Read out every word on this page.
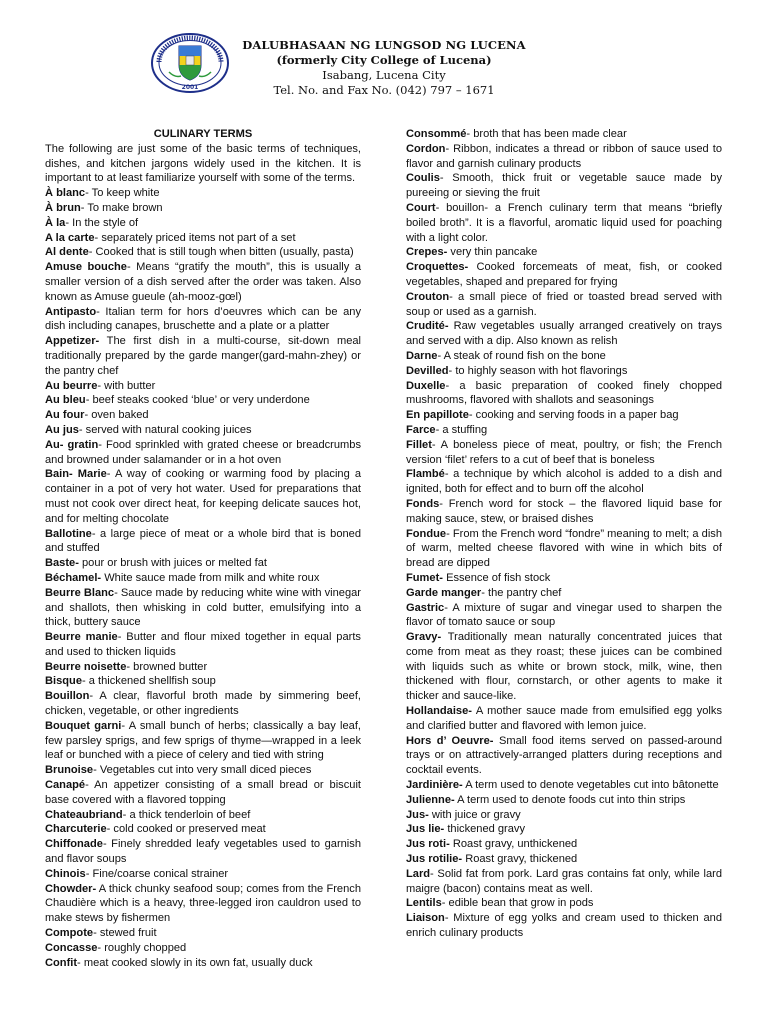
2001
DALUBHASAAN NG LUNGSOD NG LUCENA
(formerly City College of Lucena)
Isabang, Lucena City
Tel. No. and Fax No. (042) 797 – 1671
CULINARY TERMS

The following are just some of the basic terms of techniques, dishes, and kitchen jargons widely used in the kitchen. It is important to at least familiarize yourself with some of the terms.

À blanc- To keep white

À brun- To make brown

À la- In the style of

A la carte- separately priced items not part of a set

Al dente- Cooked that is still tough when bitten (usually, pasta)

Amuse bouche- Means “gratify the mouth”, this is usually a smaller version of a dish served after the order was taken. Also known as Amuse gueule (ah-mooz-gœl)

Antipasto- Italian term for hors d’oeuvres which can be any dish including canapes, bruschette and a plate or a platter

Appetizer- The first dish in a multi-course, sit-down meal traditionally prepared by the garde manger(gard-mahn-zhey) or the pantry chef

Au beurre- with butter

Au bleu- beef steaks cooked ‘blue’ or very underdone

Au four- oven baked

Au jus- served with natural cooking juices

Au- gratin- Food sprinkled with grated cheese or breadcrumbs and browned under salamander or in a hot oven

Bain- Marie- A way of cooking or warming food by placing a container in a pot of very hot water. Used for preparations that must not cook over direct heat, for keeping delicate sauces hot, and for melting chocolate

Ballotine- a large piece of meat or a whole bird that is boned and stuffed

Baste- pour or brush with juices or melted fat

Béchamel- White sauce made from milk and white roux

Beurre Blanc- Sauce made by reducing white wine with vinegar and shallots, then whisking in cold butter, emulsifying into a thick, buttery sauce

Beurre manie- Butter and flour mixed together in equal parts and used to thicken liquids

Beurre noisette- browned butter

Bisque- a thickened shellfish soup

Bouillon- A clear, flavorful broth made by simmering beef, chicken, vegetable, or other ingredients

Bouquet garni- A small bunch of herbs; classically a bay leaf, few parsley sprigs, and few sprigs of thyme—wrapped in a leek leaf or bunched with a piece of celery and tied with string

Brunoise- Vegetables cut into very small diced pieces

Canapé- An appetizer consisting of a small bread or biscuit base covered with a flavored topping

Chateaubriand- a thick tenderloin of beef

Charcuterie- cold cooked or preserved meat

Chiffonade- Finely shredded leafy vegetables used to garnish and flavor soups

Chinois- Fine/coarse conical strainer

Chowder- A thick chunky seafood soup; comes from the French Chaudière which is a heavy, three-legged iron cauldron used to make stews by fishermen

Compote- stewed fruit

Concasse- roughly chopped

Confit- meat cooked slowly in its own fat, usually duck

Consommé- broth that has been made clear

Cordon- Ribbon, indicates a thread or ribbon of sauce used to flavor and garnish culinary products

Coulis- Smooth, thick fruit or vegetable sauce made by pureeing or sieving the fruit

Court- bouillon- a French culinary term that means “briefly boiled broth”. It is a flavorful, aromatic liquid used for poaching with a light color.

Crepes- very thin pancake

Croquettes- Cooked forcemeats of meat, fish, or cooked vegetables, shaped and prepared for frying

Crouton- a small piece of fried or toasted bread served with soup or used as a garnish.

Crudité- Raw vegetables usually arranged creatively on trays and served with a dip. Also known as relish

Darne- A steak of round fish on the bone

Devilled- to highly season with hot flavorings

Duxelle- a basic preparation of cooked finely chopped mushrooms, flavored with shallots and seasonings

En papillote- cooking and serving foods in a paper bag

Farce- a stuffing

Fillet- A boneless piece of meat, poultry, or fish; the French version ‘filet’ refers to a cut of beef that is boneless

Flambé- a technique by which alcohol is added to a dish and ignited, both for effect and to burn off the alcohol

Fonds- French word for stock – the flavored liquid base for making sauce, stew, or braised dishes

Fondue- From the French word “fondre” meaning to melt; a dish of warm, melted cheese flavored with wine in which bits of bread are dipped

Fumet- Essence of fish stock

Garde manger- the pantry chef

Gastric- A mixture of sugar and vinegar used to sharpen the flavor of tomato sauce or soup

Gravy- Traditionally mean naturally concentrated juices that come from meat as they roast; these juices can be combined with liquids such as white or brown stock, milk, wine, then thickened with flour, cornstarch, or other agents to make it thicker and sauce-like.

Hollandaise- A mother sauce made from emulsified egg yolks and clarified butter and flavored with lemon juice.

Hors d’ Oeuvre- Small food items served on passed-around trays or on attractively-arranged platters during receptions and cocktail events.

Jardinière- A term used to denote vegetables cut into bâtonette

Julienne- A term used to denote foods cut into thin strips

Jus- with juice or gravy

Jus lie- thickened gravy

Jus roti- Roast gravy, unthickened

Jus rotilie- Roast gravy, thickened

Lard- Solid fat from pork. Lard gras contains fat only, while lard maigre (bacon) contains meat as well.

Lentils- edible bean that grow in pods

Liaison- Mixture of egg yolks and cream used to thicken and enrich culinary products
